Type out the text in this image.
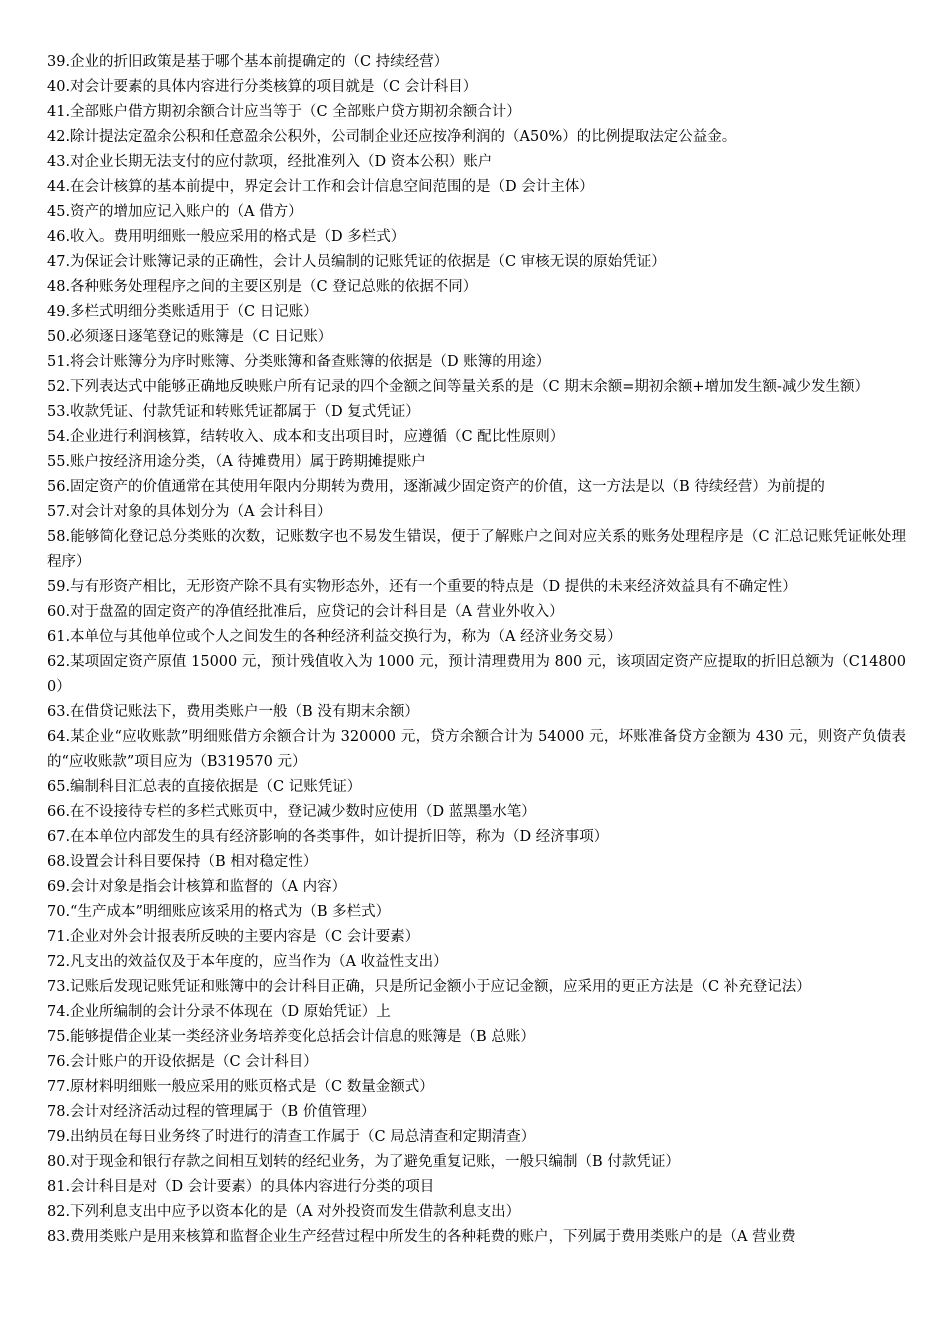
39.企业的折旧政策是基于哪个基本前提确定的（C 持续经营）

40.对会计要素的具体内容进行分类核算的项目就是（C 会计科目）

41.全部账户借方期初余额合计应当等于（C 全部账户贷方期初余额合计）

42.除计提法定盈余公积和任意盈余公积外，公司制企业还应按净利润的（A50%）的比例提取法定公益金。

43.对企业长期无法支付的应付款项，经批准列入（D 资本公积）账户

44.在会计核算的基本前提中，界定会计工作和会计信息空间范围的是（D 会计主体）

45.资产的增加应记入账户的（A 借方）

46.收入。费用明细账一般应采用的格式是（D 多栏式）

47.为保证会计账簿记录的正确性，会计人员编制的记账凭证的依据是（C 审核无误的原始凭证）

48.各种账务处理程序之间的主要区别是（C 登记总账的依据不同）

49.多栏式明细分类账适用于（C 日记账）

50.必须逐日逐笔登记的账簿是（C 日记账）

51.将会计账簿分为序时账簿、分类账簿和备查账簿的依据是（D 账簿的用途）

52.下列表达式中能够正确地反映账户所有记录的四个金额之间等量关系的是（C 期末余额=期初余额+增加发生额-减少发生额）

53.收款凭证、付款凭证和转账凭证都属于（D 复式凭证）

54.企业进行利润核算，结转收入、成本和支出项目时，应遵循（C 配比性原则）

55.账户按经济用途分类，（A 待摊费用）属于跨期摊提账户

56.固定资产的价值通常在其使用年限内分期转为费用，逐渐减少固定资产的价值，这一方法是以（B 待续经营）为前提的

57.对会计对象的具体划分为（A 会计科目）

58.能够简化登记总分类账的次数，记账数字也不易发生错误，便于了解账户之间对应关系的账务处理程序是（C 汇总记账凭证帐处理程序）

59.与有形资产相比，无形资产除不具有实物形态外，还有一个重要的特点是（D 提供的未来经济效益具有不确定性）

60.对于盘盈的固定资产的净值经批准后，应贷记的会计科目是（A 营业外收入）

61.本单位与其他单位或个人之间发生的各种经济利益交换行为，称为（A 经济业务交易）

62.某项固定资产原值 15000 元，预计残值收入为 1000 元，预计清理费用为 800 元，该项固定资产应提取的折旧总额为（C148000）

63.在借贷记账法下，费用类账户一般（B 没有期末余额）

64.某企业“应收账款”明细账借方余额合计为 320000 元，贷方余额合计为 54000 元，坏账准备贷方金额为 430 元，则资产负债表的“应收账款”项目应为（B319570 元）

65.编制科目汇总表的直接依据是（C 记账凭证）

66.在不设接待专栏的多栏式账页中，登记减少数时应使用（D 蓝黑墨水笔）

67.在本单位内部发生的具有经济影响的各类事件，如计提折旧等，称为（D 经济事项）

68.设置会计科目要保持（B 相对稳定性）

69.会计对象是指会计核算和监督的（A 内容）

70.“生产成本”明细账应该采用的格式为（B 多栏式）

71.企业对外会计报表所反映的主要内容是（C 会计要素）

72.凡支出的效益仅及于本年度的，应当作为（A 收益性支出）

73.记账后发现记账凭证和账簿中的会计科目正确，只是所记金额小于应记金额，应采用的更正方法是（C 补充登记法）

74.企业所编制的会计分录不体现在（D 原始凭证）上

75.能够提借企业某一类经济业务培养变化总括会计信息的账簿是（B 总账）

76.会计账户的开设依据是（C 会计科目）

77.原材料明细账一般应采用的账页格式是（C 数量金额式）

78.会计对经济活动过程的管理属于（B 价值管理）

79.出纳员在每日业务终了时进行的清查工作属于（C 局总清查和定期清查）

80.对于现金和银行存款之间相互划转的经纪业务，为了避免重复记账，一般只编制（B 付款凭证）

81.会计科目是对（D 会计要素）的具体内容进行分类的项目

82.下列利息支出中应予以资本化的是（A 对外投资而发生借款利息支出）

83.费用类账户是用来核算和监督企业生产经营过程中所发生的各种耗费的账户，下列属于费用类账户的是（A 营业费
